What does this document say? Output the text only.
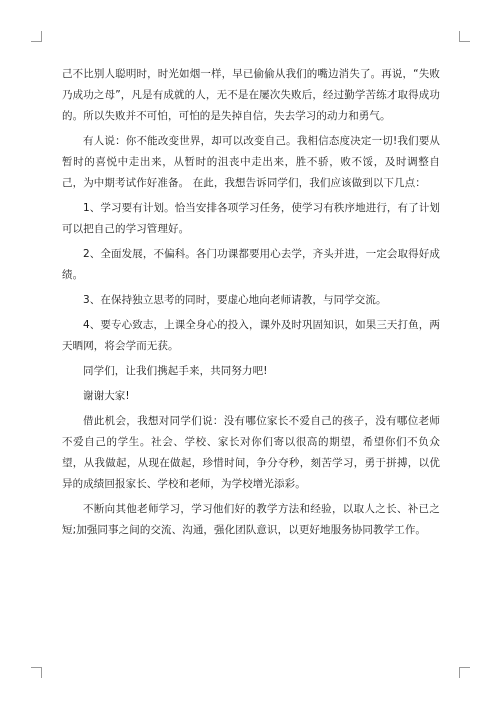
己不比别人聪明时，时光如烟一样，早已偷偷从我们的嘴边消失了。再说，“失败乃成功之母”，凡是有成就的人，无不是在屡次失败后，经过勤学苦练才取得成功的。所以失败并不可怕，可怕的是失掉自信，失去学习的动力和勇气。

有人说：你不能改变世界，却可以改变自己。我相信态度决定一切!我们要从暂时的喜悦中走出来，从暂时的沮丧中走出来，胜不骄，败不馁，及时调整自己，为中期考试作好准备。 在此，我想告诉同学们，我们应该做到以下几点：

1、学习要有计划。恰当安排各项学习任务，使学习有秩序地进行，有了计划可以把自己的学习管理好。

2、全面发展，不偏科。各门功课都要用心去学，齐头并进，一定会取得好成绩。

3、在保持独立思考的同时，要虚心地向老师请教，与同学交流。

4、要专心致志，上课全身心的投入，课外及时巩固知识，如果三天打鱼，两天晒网，将会学而无获。

同学们，让我们携起手来，共同努力吧!

谢谢大家!

借此机会，我想对同学们说：没有哪位家长不爱自己的孩子，没有哪位老师不爱自己的学生。社会、学校、家长对你们寄以很高的期望，希望你们不负众望，从我做起，从现在做起，珍惜时间，争分夺秒，刻苦学习，勇于拼搏，以优异的成绩回报家长、学校和老师，为学校增光添彩。

不断向其他老师学习，学习他们好的教学方法和经验，以取人之长、补已之短;加强同事之间的交流、沟通，强化团队意识，以更好地服务协同教学工作。
